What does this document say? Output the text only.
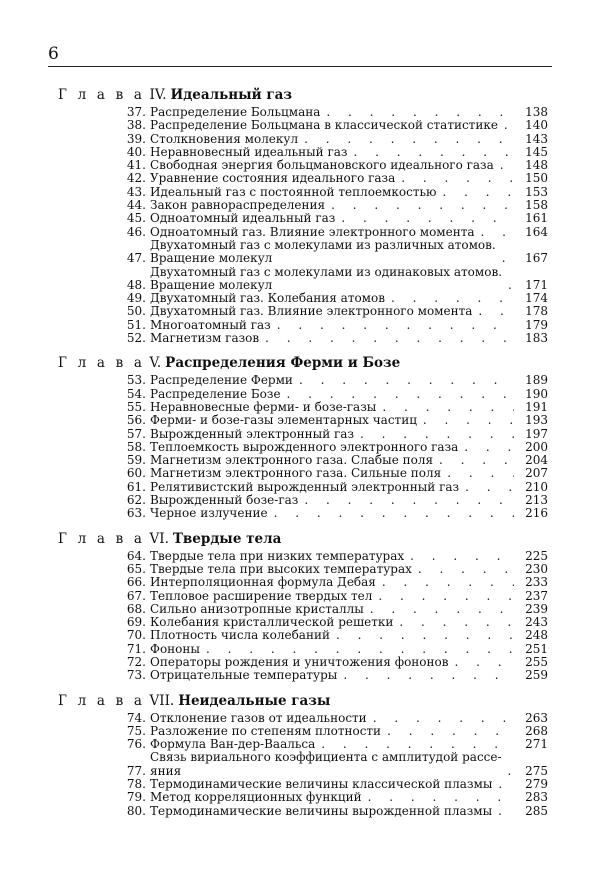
6
Г л а в а IV. Идеальный газ
37. Распределение Больцмана . . .	138
38. Распределение Больцмана в классической статистике . . . 140
39. Столкновения молекул . . .	143
40. Неравновесный идеальный газ . . .	145
41. Свободная энергия больцмановского идеального газа . . .	148
42. Уравнение состояния идеального газа . . .	150
43. Идеальный газ с постоянной теплоемкостью . . .	153
44. Закон равнораспределения . . .	158
45. Одноатомный идеальный газ . . .	161
46. Одноатомный газ. Влияние электронного момента . . .	164
47.
Двухатомный газ с молекулами из различных атомов.
Вращение молекул . . .	167
48.
Двухатомный газ с молекулами из одинаковых атомов.
Вращение молекул . . .	171
49. Двухатомный газ. Колебания атомов . . .	174
50. Двухатомный газ. Влияние электронного момента . . .	178
51. Многоатомный газ . . .	179
52. Магнетизм газов . . .	183
Г л а в а V. Распределения Ферми и Бозе
53. Распределение Ферми . . .	189
54. Распределение Бозе . . .	190
55. Неравновесные ферми- и бозе-газы . . .	191
56. Ферми- и бозе-газы элементарных частиц . . .	193
57. Вырожденный электронный газ . . .	197
58. Теплоемкость вырожденного электронного газа . . .	200
59. Магнетизм электронного газа. Слабые поля . . .	204
60. Магнетизм электронного газа. Сильные поля . . .	207
61. Релятивистский вырожденный электронный газ . . .	210
62. Вырожденный бозе-газ . . .	213
63. Черное излучение . . .	216
Г л а в а VI. Твердые тела
64. Твердые тела при низких температурах . . .	225
65. Твердые тела при высоких температурах . . .	230
66. Интерполяционная формула Дебая . . .	233
67. Тепловое расширение твердых тел . . .	237
68. Сильно анизотропные кристаллы . . .	239
69. Колебания кристаллической решетки . . .	243
70. Плотность числа колебаний . . .	248
71. Фононы . . .	251
72. Операторы рождения и уничтожения фононов . . .	255
73. Отрицательные температуры . . .	259
Г л а в а VII. Неидеальные газы
74. Отклонение газов от идеальности . . .	263
75. Разложение по степеням плотности . . .	268
76. Формула Ван-дер-Ваальса . . .	271
77.
Связь вириального коэффициента с амплитудой рассе-
яния . . .	275
78. Термодинамические величины классической плазмы . . .	279
79. Метод корреляционных функций . . .	283
80. Термодинамические величины вырожденной плазмы . . .	285
